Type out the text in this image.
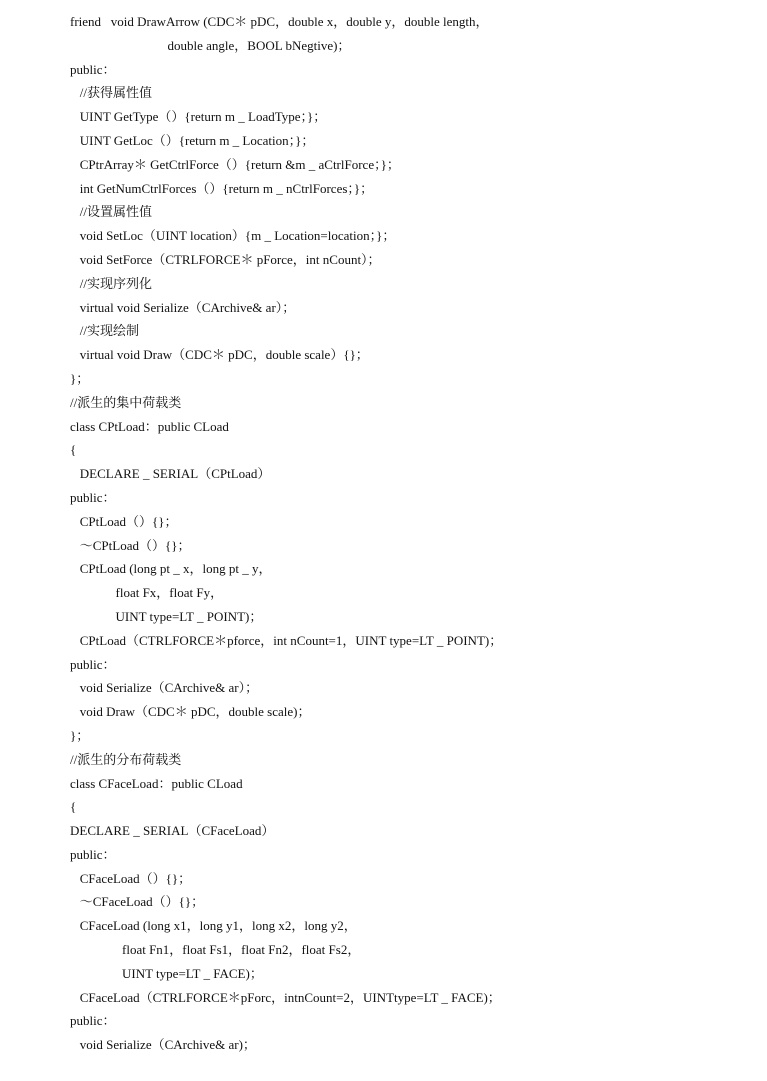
friend   void DrawArrow (CDC＊ pDC，double x，double y，double length，
double angle，BOOL bNegtive)；
public：
//获得属性值
UINT GetType（）{return m _ LoadType；}；
UINT GetLoc（）{return m _ Location；}；
CPtrArray＊ GetCtrlForce（）{return &m _ aCtrlForce；}；
int GetNumCtrlForces（）{return m _ nCtrlForces；}；
//设置属性值
void SetLoc（UINT location）{m _ Location=location；}；
void SetForce（CTRLFORCE＊ pForce，int nCount）；
//实现序列化
virtual void Serialize（CArchive& ar）；
//实现绘制
virtual void Draw（CDC＊ pDC，double scale）{}；
}；
//派生的集中荷载类
class CPtLoad：public CLoad
{
DECLARE _ SERIAL（CPtLoad）
public：
CPtLoad（）{}；
～CPtLoad（）{}；
CPtLoad (long pt _ x，long pt _ y，
float Fx，float Fy，
UINT type=LT _ POINT)；
CPtLoad（CTRLFORCE＊pforce，int nCount=1，UINT type=LT _ POINT)；
public：
void Serialize（CArchive& ar）；
void Draw（CDC＊ pDC，double scale)；
}；
//派生的分布荷载类
class CFaceLoad：public CLoad
{
DECLARE _ SERIAL（CFaceLoad）
public：
CFaceLoad（）{}；
～CFaceLoad（）{}；
CFaceLoad (long x1，long y1，long x2，long y2，
float Fn1，float Fs1，float Fn2，float Fs2，
UINT type=LT _ FACE)；
CFaceLoad（CTRLFORCE＊pForc，intnCount=2，UINTtype=LT _ FACE)；
public：
void Serialize（CArchive& ar)；
